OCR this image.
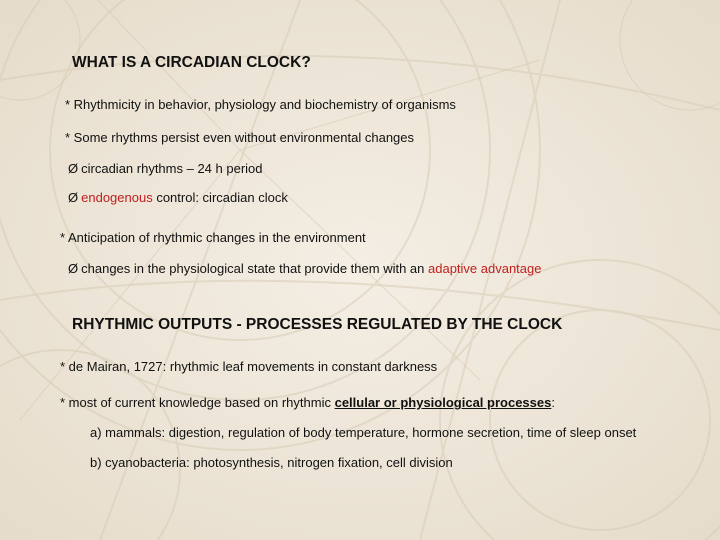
WHAT IS A CIRCADIAN CLOCK?
* Rhythmicity in behavior, physiology and biochemistry of organisms
* Some rhythms persist even without environmental changes
Ø circadian rhythms – 24 h period
Ø endogenous control: circadian clock
* Anticipation of rhythmic changes in the environment
Ø changes in the physiological state that provide them with an adaptive advantage
RHYTHMIC OUTPUTS - PROCESSES REGULATED BY THE CLOCK
* de Mairan, 1727: rhythmic leaf movements in constant darkness
* most of current knowledge based on rhythmic cellular or physiological processes:
a) mammals: digestion, regulation of body temperature, hormone secretion, time of sleep onset
b) cyanobacteria: photosynthesis, nitrogen fixation, cell division
